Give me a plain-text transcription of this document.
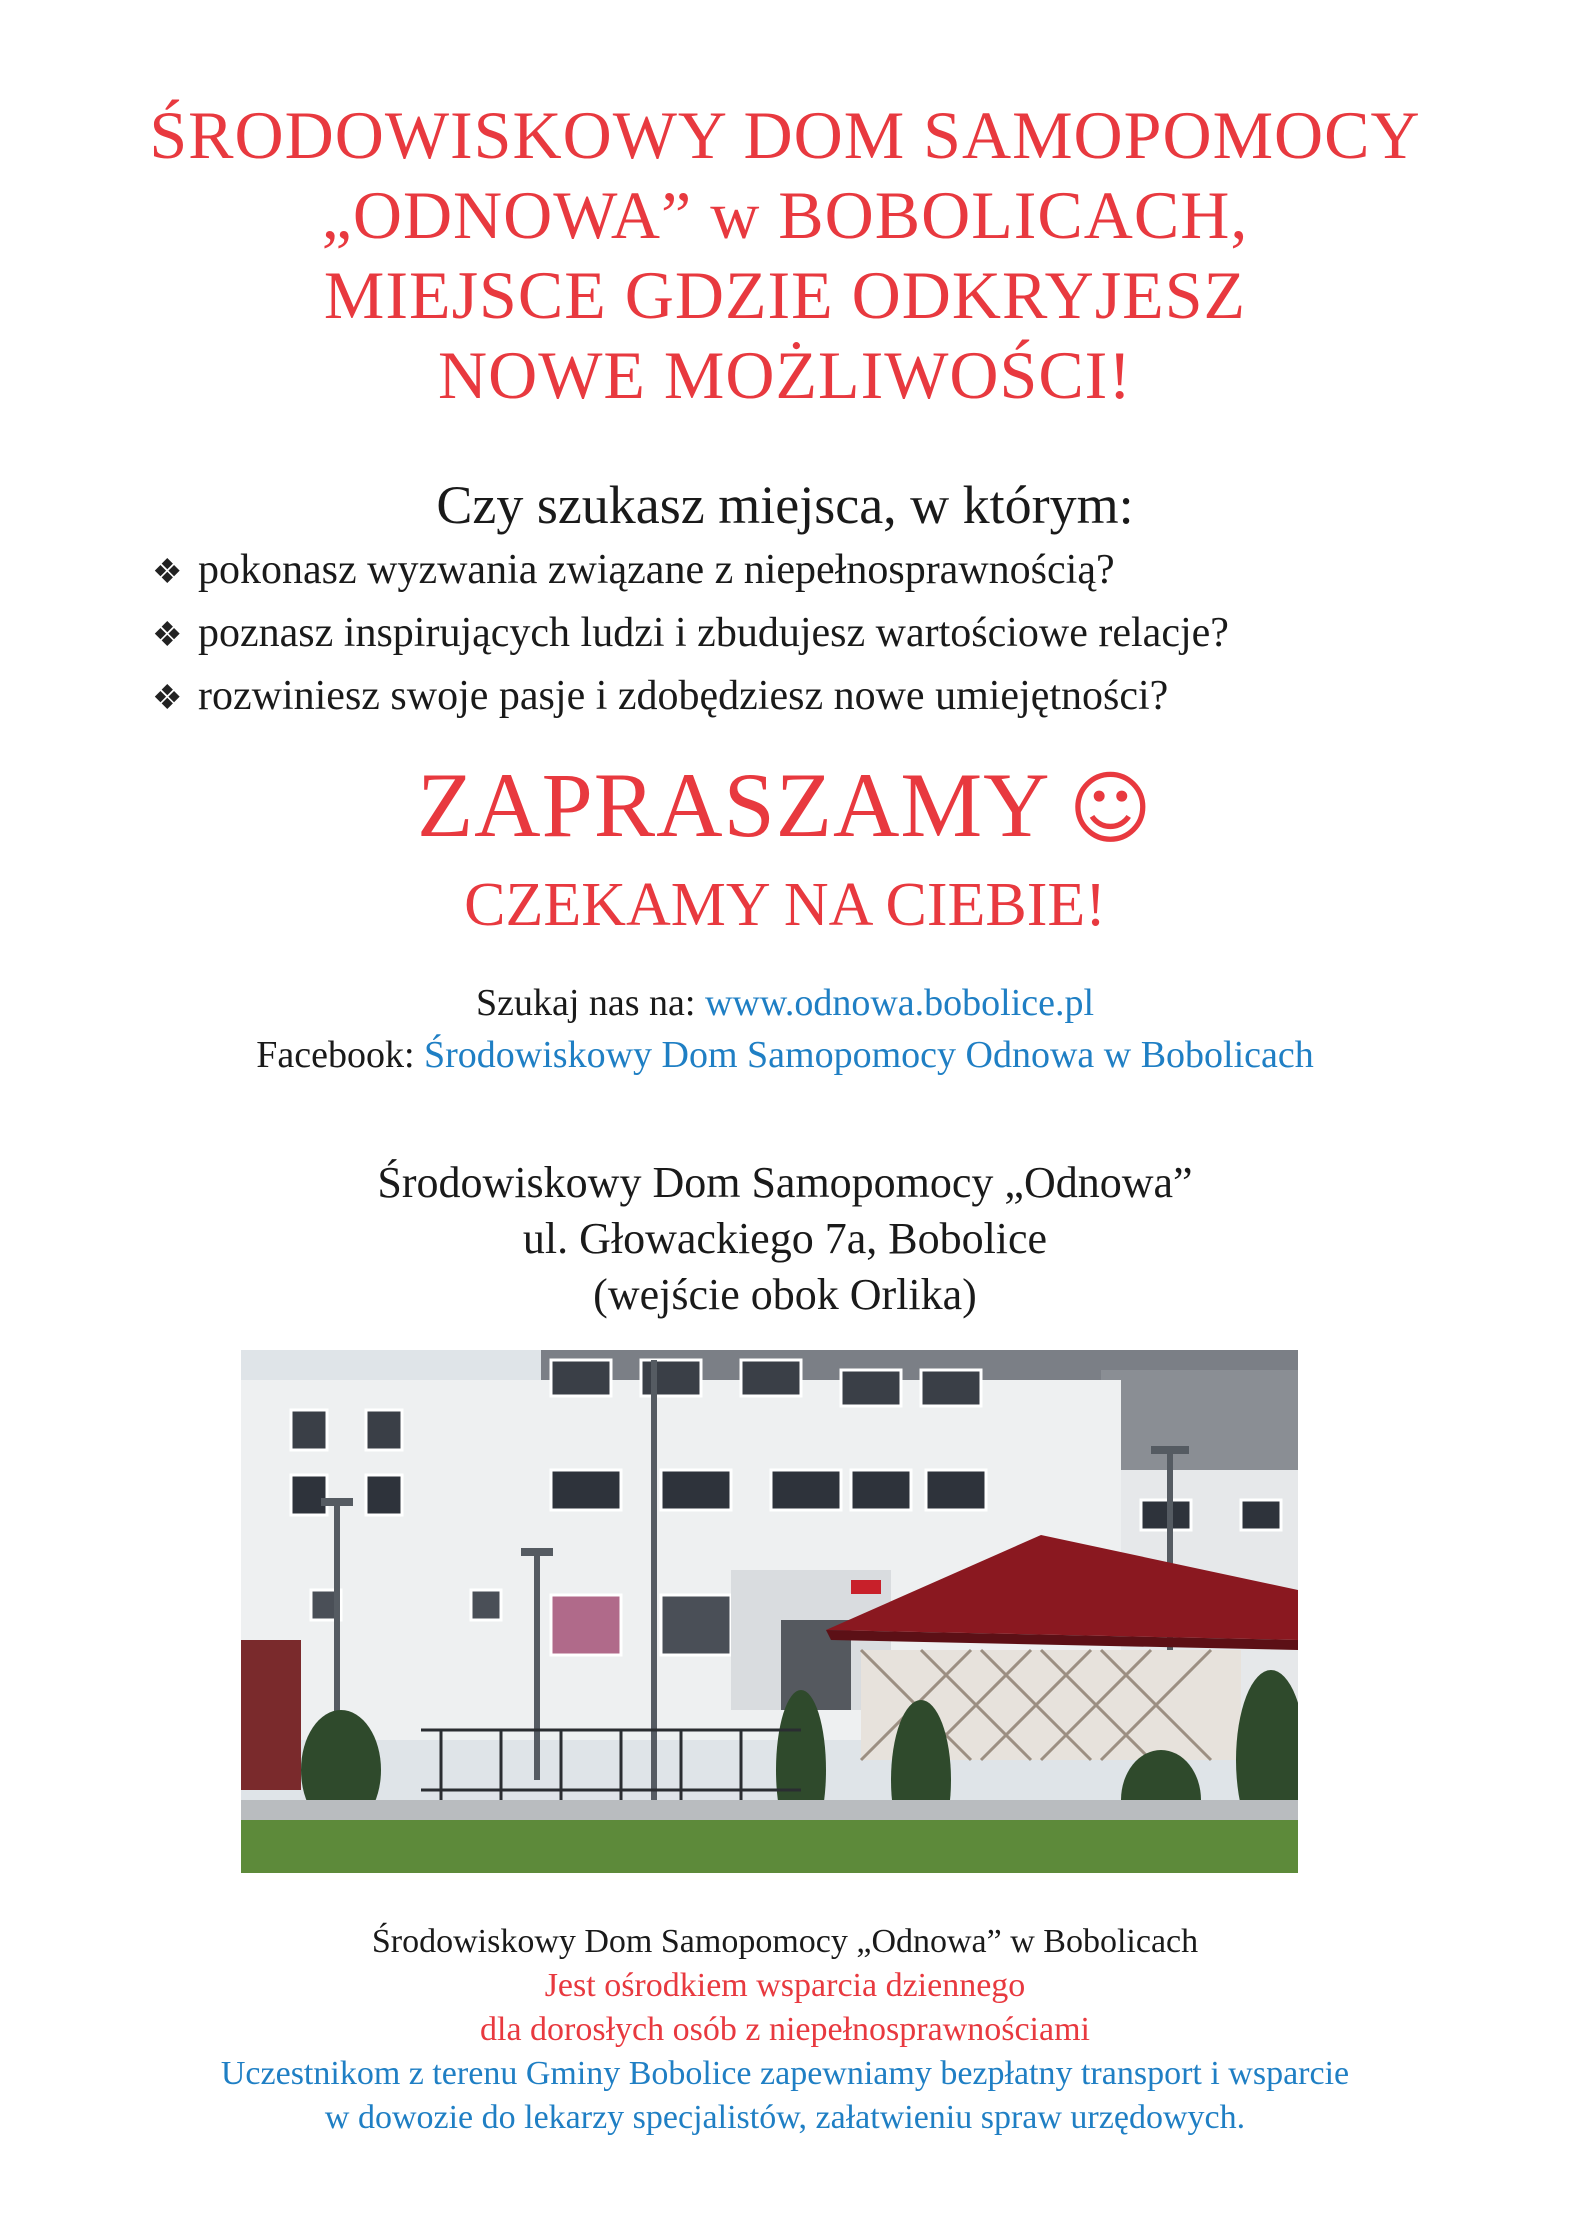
ŚRODOWISKOWY DOM SAMOPOMOCY
„ODNOWA” w BOBOLICACH,
MIEJSCE GDZIE ODKRYJESZ
NOWE MOŻLIWOŚCI!
Czy szukasz miejsca, w którym:
❖ pokonasz wyzwania związane z niepełnosprawnością?
❖ poznasz inspirujących ludzi i zbudujesz wartościowe relacje?
❖ rozwiniesz swoje pasje i zdobędziesz nowe umiejętności?
ZAPRASZAMY ☺
CZEKAMY NA CIEBIE!
Szukaj nas na: www.odnowa.bobolice.pl
Facebook: Środowiskowy Dom Samopomocy Odnowa w Bobolicach
Środowiskowy Dom Samopomocy „Odnowa”
ul. Głowackiego 7a, Bobolice
(wejście obok Orlika)
Środowiskowy Dom Samopomocy „Odnowa” w Bobolicach
Jest ośrodkiem wsparcia dziennego
dla dorosłych osób z niepełnosprawnościami
Uczestnikom z terenu Gminy Bobolice zapewniamy bezpłatny transport i wsparcie
w dowozie do lekarzy specjalistów, załatwieniu spraw urzędowych.
